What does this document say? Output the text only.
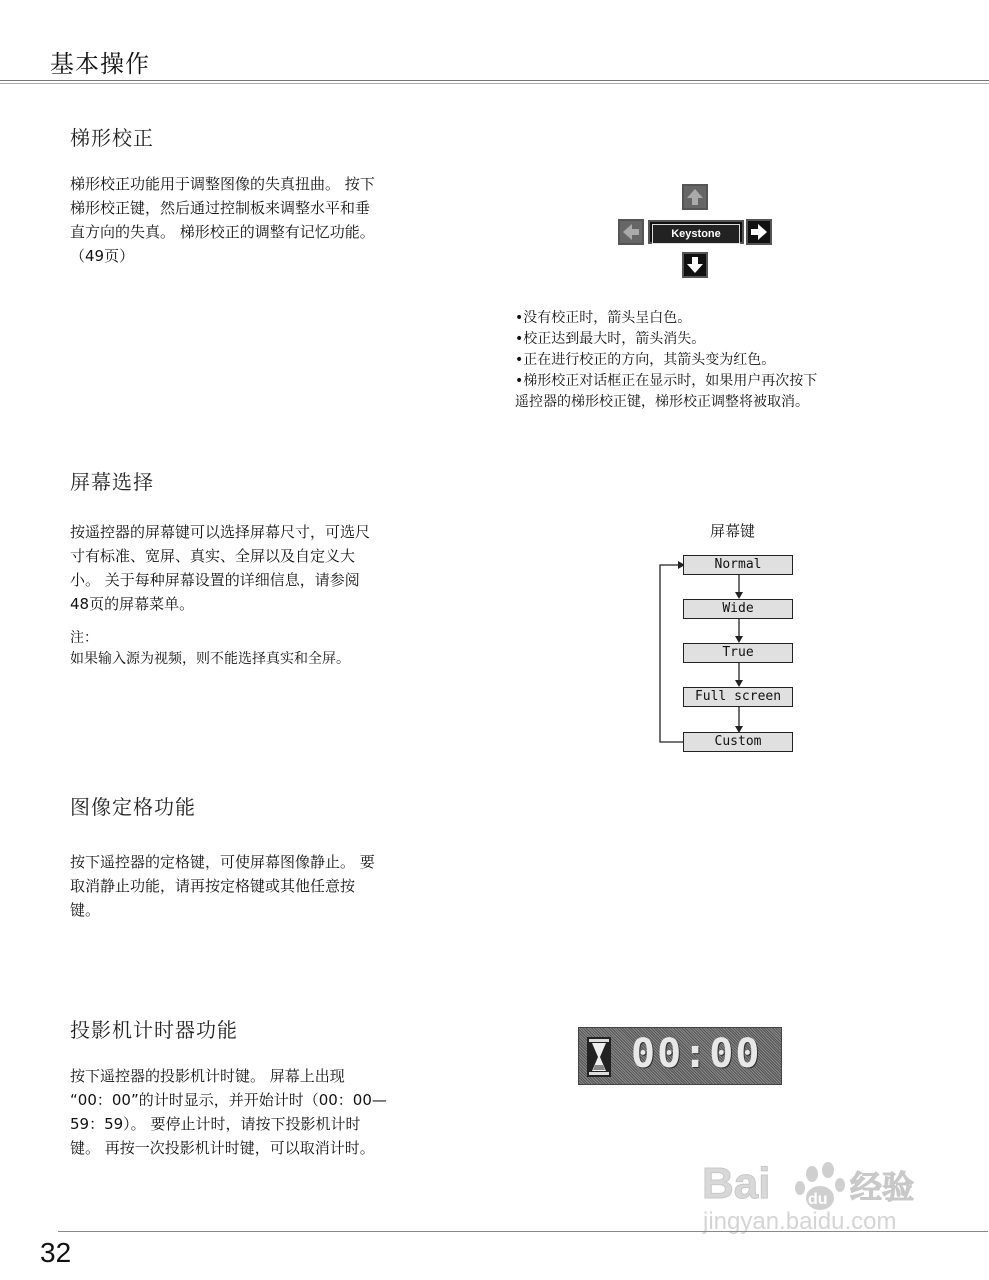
基本操作
梯形校正
梯形校正功能用于调整图像的失真扭曲。 按下
梯形校正键，然后通过控制板来调整水平和垂
直方向的失真。 梯形校正的调整有记忆功能。
（49页）
Keystone
•没有校正时，箭头呈白色。
•校正达到最大时，箭头消失。
•正在进行校正的方向，其箭头变为红色。
•梯形校正对话框正在显示时，如果用户再次按下
遥控器的梯形校正键，梯形校正调整将被取消。
屏幕选择
按遥控器的屏幕键可以选择屏幕尺寸，可选尺
寸有标准、宽屏、真实、全屏以及自定义大
小。 关于每种屏幕设置的详细信息，请参阅
48页的屏幕菜单。
注：
如果输入源为视频，则不能选择真实和全屏。
屏幕键
Normal
Wide
True
Full screen
Custom
图像定格功能
按下遥控器的定格键，可使屏幕图像静止。 要
取消静止功能，请再按定格键或其他任意按
键。
投影机计时器功能
按下遥控器的投影机计时键。 屏幕上出现
“00：00”的计时显示，并开始计时（00：00—
59：59）。 要停止计时，请按下投影机计时
键。 再按一次投影机计时键，可以取消计时。
00:00
Bai du 经验
jingyan.baidu.com
32
